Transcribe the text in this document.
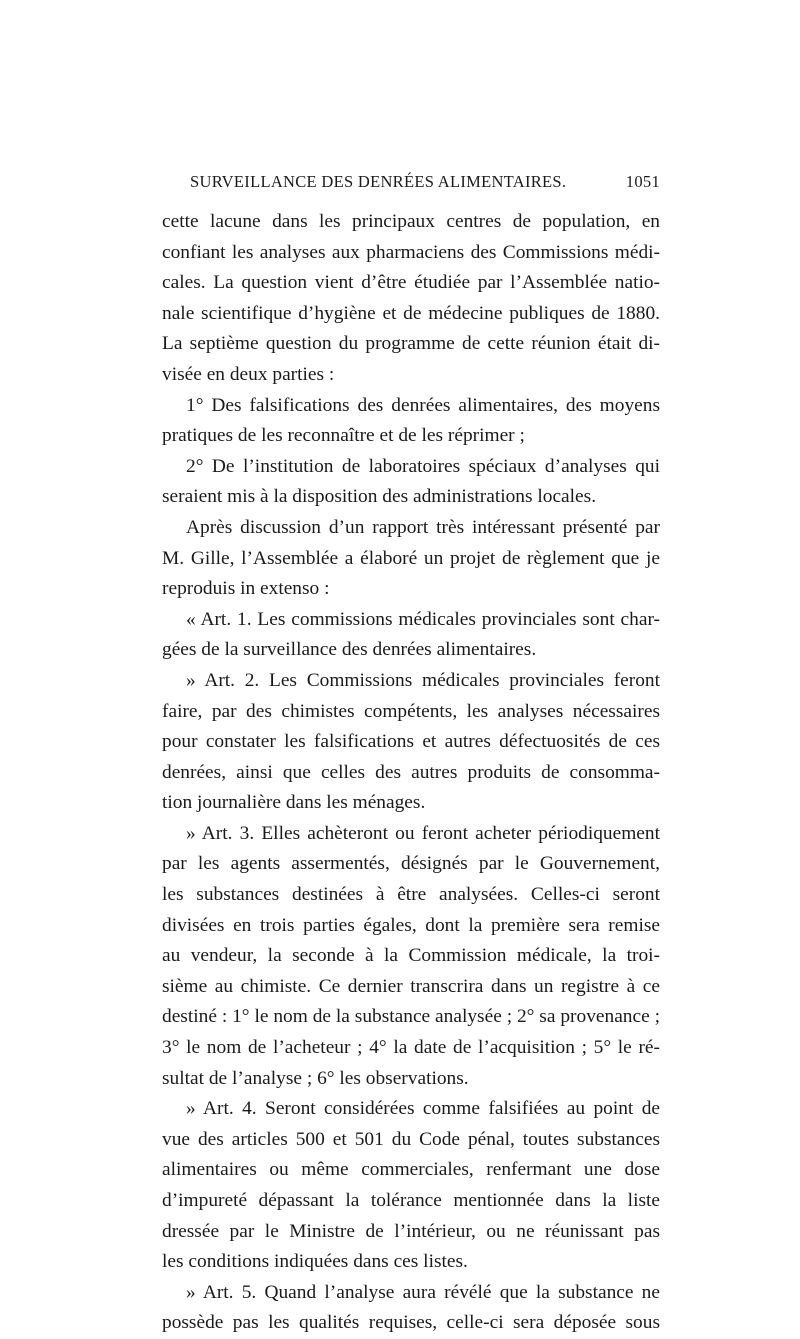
SURVEILLANCE DES DENRÉES ALIMENTAIRES.	1051

cette lacune dans les principaux centres de population, en

confiant les analyses aux pharmaciens des Commissions médi-

cales. La question vient d’être étudiée par l’Assemblée natio-

nale scientifique d’hygiène et de médecine publiques de 1880.

La septième question du programme de cette réunion était di-

visée en deux parties :

1° Des falsifications des denrées alimentaires, des moyens

pratiques de les reconnaître et de les réprimer ;

2° De l’institution de laboratoires spéciaux d’analyses qui

seraient mis à la disposition des administrations locales.

Après discussion d’un rapport très intéressant présenté par

M. Gille, l’Assemblée a élaboré un projet de règlement que je

reproduis in extenso :

« Art. 1. Les commissions médicales provinciales sont char-

gées de la surveillance des denrées alimentaires.

» Art. 2. Les Commissions médicales provinciales feront

faire, par des chimistes compétents, les analyses nécessaires

pour constater les falsifications et autres défectuosités de ces

denrées, ainsi que celles des autres produits de consomma-

tion journalière dans les ménages.

» Art. 3. Elles achèteront ou feront acheter périodiquement

par les agents assermentés, désignés par le Gouvernement,

les substances destinées à être analysées. Celles-ci seront

divisées en trois parties égales, dont la première sera remise

au vendeur, la seconde à la Commission médicale, la troi-

sième au chimiste. Ce dernier transcrira dans un registre à ce

destiné : 1° le nom de la substance analysée ; 2° sa provenance ;

3° le nom de l’acheteur ; 4° la date de l’acquisition ; 5° le ré-

sultat de l’analyse ; 6° les observations.

» Art. 4. Seront considérées comme falsifiées au point de

vue des articles 500 et 501 du Code pénal, toutes substances

alimentaires ou même commerciales, renfermant une dose

d’impureté dépassant la tolérance mentionnée dans la liste

dressée par le Ministre de l’intérieur, ou ne réunissant pas

les conditions indiquées dans ces listes.

» Art. 5. Quand l’analyse aura révélé que la substance ne

possède pas les qualités requises, celle-ci sera déposée sous
